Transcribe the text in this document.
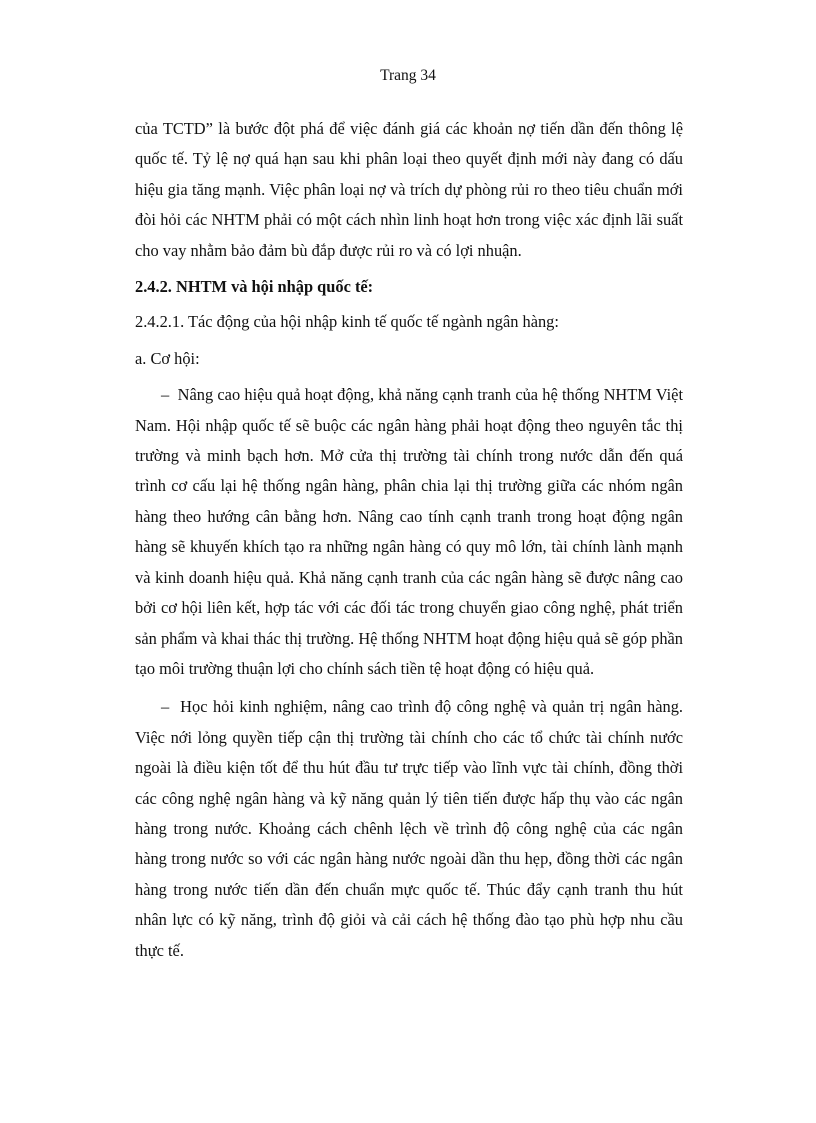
Trang 34

của TCTD” là bước đột phá để việc đánh giá các khoản nợ tiến dần đến thông lệ quốc tế. Tỷ lệ nợ quá hạn sau khi phân loại theo quyết định mới này đang có dấu hiệu gia tăng mạnh. Việc phân loại nợ và trích dự phòng rủi ro theo tiêu chuẩn mới đòi hỏi các NHTM phải có một cách nhìn linh hoạt hơn trong việc xác định lãi suất cho vay nhằm bảo đảm bù đắp được rủi ro và có lợi nhuận.

2.4.2. NHTM và hội nhập quốc tế:

2.4.2.1. Tác động của hội nhập kinh tế quốc tế ngành ngân hàng:

a. Cơ hội:

– Nâng cao hiệu quả hoạt động, khả năng cạnh tranh của hệ thống NHTM Việt Nam. Hội nhập quốc tế sẽ buộc các ngân hàng phải hoạt động theo nguyên tắc thị trường và minh bạch hơn. Mở cửa thị trường tài chính trong nước dẫn đến quá trình cơ cấu lại hệ thống ngân hàng, phân chia lại thị trường giữa các nhóm ngân hàng theo hướng cân bằng hơn. Nâng cao tính cạnh tranh trong hoạt động ngân hàng sẽ khuyến khích tạo ra những ngân hàng có quy mô lớn, tài chính lành mạnh và kinh doanh hiệu quả. Khả năng cạnh tranh của các ngân hàng sẽ được nâng cao bởi cơ hội liên kết, hợp tác với các đối tác trong chuyển giao công nghệ, phát triển sản phẩm và khai thác thị trường. Hệ thống NHTM hoạt động hiệu quả sẽ góp phần tạo môi trường thuận lợi cho chính sách tiền tệ hoạt động có hiệu quả.

– Học hỏi kinh nghiệm, nâng cao trình độ công nghệ và quản trị ngân hàng. Việc nới lỏng quyền tiếp cận thị trường tài chính cho các tổ chức tài chính nước ngoài là điều kiện tốt để thu hút đầu tư trực tiếp vào lĩnh vực tài chính, đồng thời các công nghệ ngân hàng và kỹ năng quản lý tiên tiến được hấp thụ vào các ngân hàng trong nước. Khoảng cách chênh lệch về trình độ công nghệ của các ngân hàng trong nước so với các ngân hàng nước ngoài dần thu hẹp, đồng thời các ngân hàng trong nước tiến dần đến chuẩn mực quốc tế. Thúc đẩy cạnh tranh thu hút nhân lực có kỹ năng, trình độ giỏi và cải cách hệ thống đào tạo phù hợp nhu cầu thực tế.
